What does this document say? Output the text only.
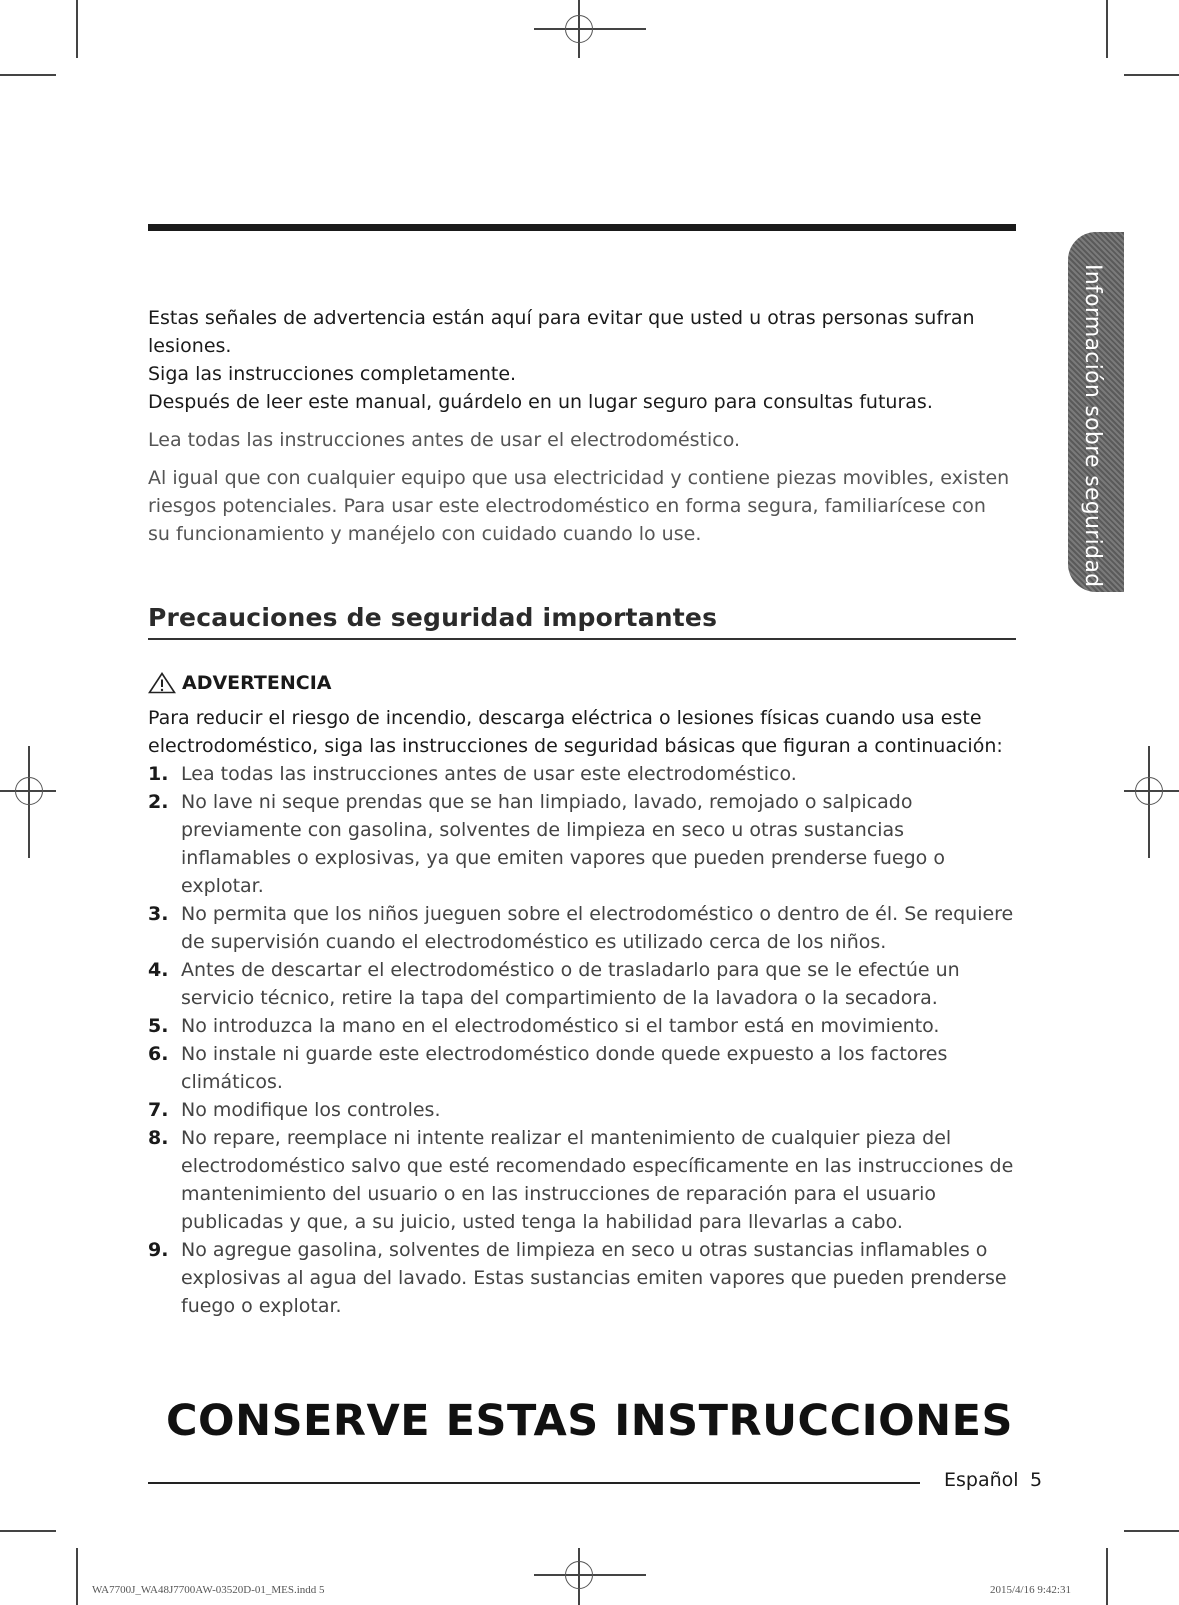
Información sobre seguridad

Estas señales de advertencia están aquí para evitar que usted u otras personas sufran lesiones.

Siga las instrucciones completamente.

Después de leer este manual, guárdelo en un lugar seguro para consultas futuras.

Lea todas las instrucciones antes de usar el electrodoméstico.

Al igual que con cualquier equipo que usa electricidad y contiene piezas movibles, existen riesgos potenciales. Para usar este electrodoméstico en forma segura, familiarícese con su funcionamiento y manéjelo con cuidado cuando lo use.

Precauciones de seguridad importantes
ADVERTENCIA

Para reducir el riesgo de incendio, descarga eléctrica o lesiones físicas cuando usa este electrodoméstico, siga las instrucciones de seguridad básicas que figuran a continuación:

1. Lea todas las instrucciones antes de usar este electrodoméstico.
2. No lave ni seque prendas que se han limpiado, lavado, remojado o salpicado previamente con gasolina, solventes de limpieza en seco u otras sustancias inflamables o explosivas, ya que emiten vapores que pueden prenderse fuego o explotar.
3. No permita que los niños jueguen sobre el electrodoméstico o dentro de él. Se requiere de supervisión cuando el electrodoméstico es utilizado cerca de los niños.
4. Antes de descartar el electrodoméstico o de trasladarlo para que se le efectúe un servicio técnico, retire la tapa del compartimiento de la lavadora o la secadora.
5. No introduzca la mano en el electrodoméstico si el tambor está en movimiento.
6. No instale ni guarde este electrodoméstico donde quede expuesto a los factores climáticos.
7. No modifique los controles.
8. No repare, reemplace ni intente realizar el mantenimiento de cualquier pieza del electrodoméstico salvo que esté recomendado específicamente en las instrucciones de mantenimiento del usuario o en las instrucciones de reparación para el usuario publicadas y que, a su juicio, usted tenga la habilidad para llevarlas a cabo.
9. No agregue gasolina, solventes de limpieza en seco u otras sustancias inflamables o explosivas al agua del lavado. Estas sustancias emiten vapores que pueden prenderse fuego o explotar.
CONSERVE ESTAS INSTRUCCIONES
Español 5
WA7700J_WA48J7700AW-03520D-01_MES.indd 5	2015/4/16 9:42:31
